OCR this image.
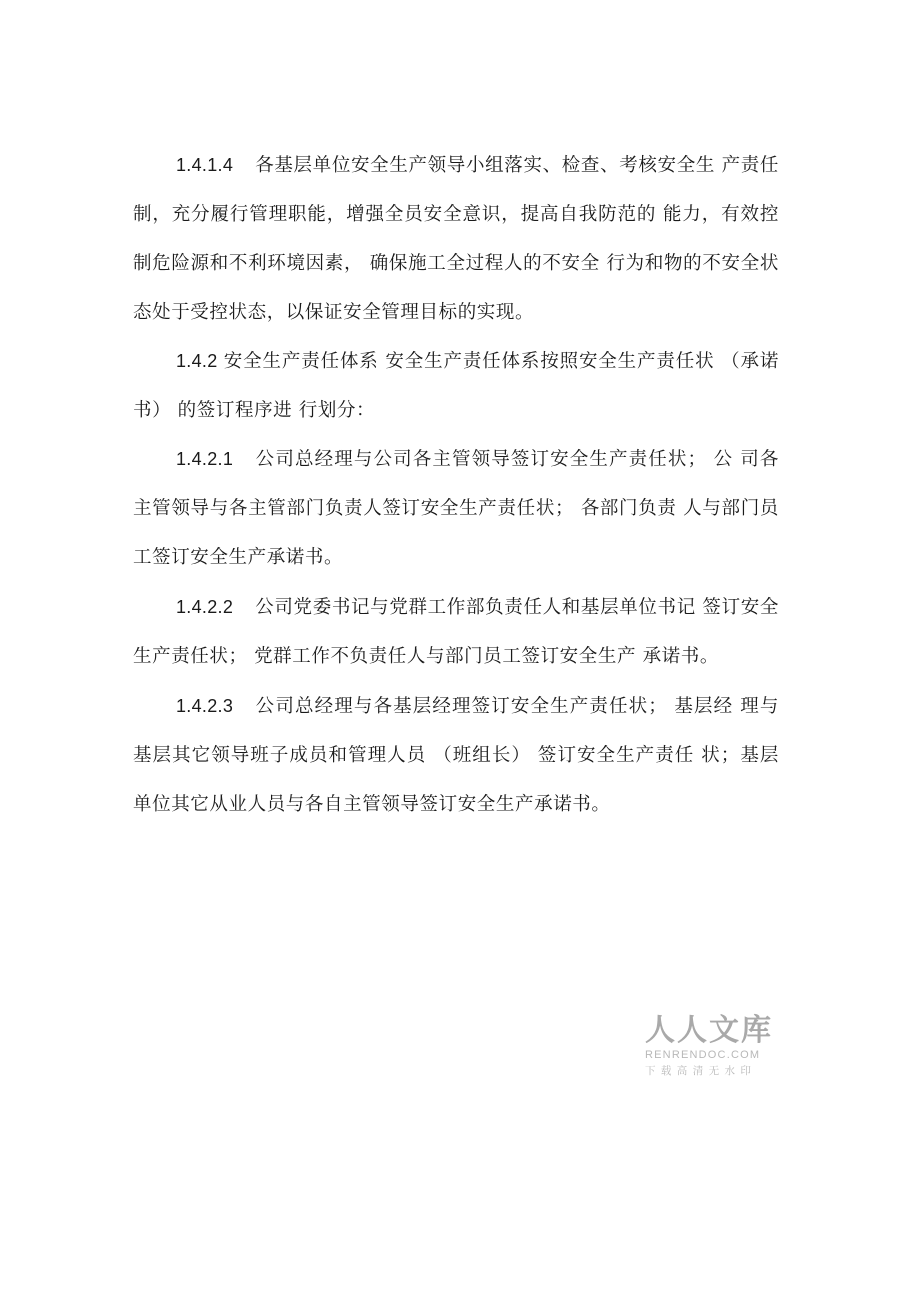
1.4.1.4 各基层单位安全生产领导小组落实、检查、考核安全生 产责任制，充分履行管理职能，增强全员安全意识，提高自我防范的 能力，有效控制危险源和不利环境因素， 确保施工全过程人的不安全 行为和物的不安全状态处于受控状态，以保证安全管理目标的实现。

1.4.2 安全生产责任体系 安全生产责任体系按照安全生产责任状 （承诺书） 的签订程序进 行划分：

1.4.2.1 公司总经理与公司各主管领导签订安全生产责任状； 公 司各主管领导与各主管部门负责人签订安全生产责任状； 各部门负责 人与部门员工签订安全生产承诺书。

1.4.2.2 公司党委书记与党群工作部负责任人和基层单位书记 签订安全生产责任状； 党群工作不负责任人与部门员工签订安全生产 承诺书。

1.4.2.3 公司总经理与各基层经理签订安全生产责任状； 基层经 理与基层其它领导班子成员和管理人员 （班组长） 签订安全生产责任 状；基层单位其它从业人员与各自主管领导签订安全生产承诺书。

人人文库
RENRENDOC.COM
下载高清无水印
